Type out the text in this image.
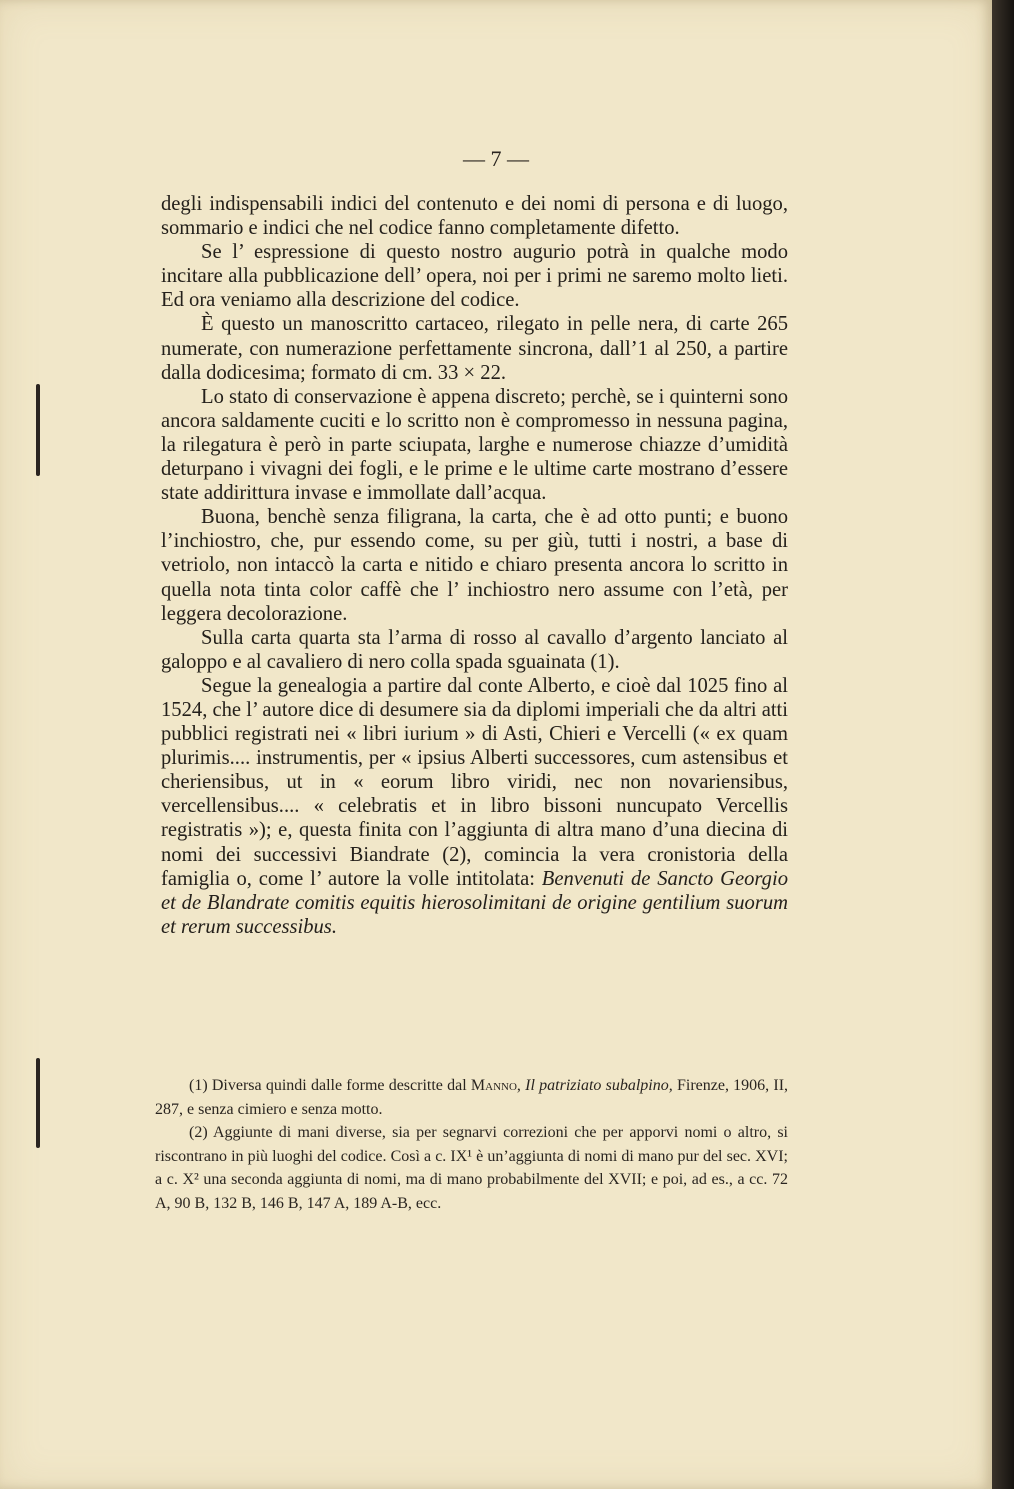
— 7 —

degli indispensabili indici del contenuto e dei nomi di persona e di luogo, sommario e indici che nel codice fanno completamente difetto.

Se l’ espressione di questo nostro augurio potrà in qualche modo incitare alla pubblicazione dell’ opera, noi per i primi ne saremo molto lieti. Ed ora veniamo alla descrizione del codice.

È questo un manoscritto cartaceo, rilegato in pelle nera, di carte 265 numerate, con numerazione perfettamente sincrona, dall’1 al 250, a partire dalla dodicesima; formato di cm. 33 × 22.

Lo stato di conservazione è appena discreto; perchè, se i quinterni sono ancora saldamente cuciti e lo scritto non è compromesso in nessuna pagina, la rilegatura è però in parte sciupata, larghe e numerose chiazze d’umidità deturpano i vivagni dei fogli, e le prime e le ultime carte mostrano d’essere state addirittura invase e immollate dall’acqua.

Buona, benchè senza filigrana, la carta, che è ad otto punti; e buono l’inchiostro, che, pur essendo come, su per giù, tutti i nostri, a base di vetriolo, non intaccò la carta e nitido e chiaro presenta ancora lo scritto in quella nota tinta color caffè che l’ inchiostro nero assume con l’età, per leggera decolorazione.

Sulla carta quarta sta l’arma di rosso al cavallo d’argento lanciato al galoppo e al cavaliero di nero colla spada sguainata (1).

Segue la genealogia a partire dal conte Alberto, e cioè dal 1025 fino al 1524, che l’ autore dice di desumere sia da diplomi imperiali che da altri atti pubblici registrati nei « libri iurium » di Asti, Chieri e Vercelli (« ex quam plurimis.... instrumentis, per « ipsius Alberti successores, cum astensibus et cheriensibus, ut in « eorum libro viridi, nec non novariensibus, vercellensibus.... « celebratis et in libro bissoni nuncupato Vercellis registratis »); e, questa finita con l’aggiunta di altra mano d’una diecina di nomi dei successivi Biandrate (2), comincia la vera cronistoria della famiglia o, come l’ autore la volle intitolata: Benvenuti de Sancto Georgio et de Blandrate comitis equitis hierosolimitani de origine gentilium suorum et rerum successibus.

(1) Diversa quindi dalle forme descritte dal Manno, Il patriziato subalpino, Firenze, 1906, II, 287, e senza cimiero e senza motto.

(2) Aggiunte di mani diverse, sia per segnarvi correzioni che per apporvi nomi o altro, si riscontrano in più luoghi del codice. Così a c. IX¹ è un’aggiunta di nomi di mano pur del sec. XVI; a c. X² una seconda aggiunta di nomi, ma di mano probabilmente del XVII; e poi, ad es., a cc. 72 A, 90 B, 132 B, 146 B, 147 A, 189 A-B, ecc.
